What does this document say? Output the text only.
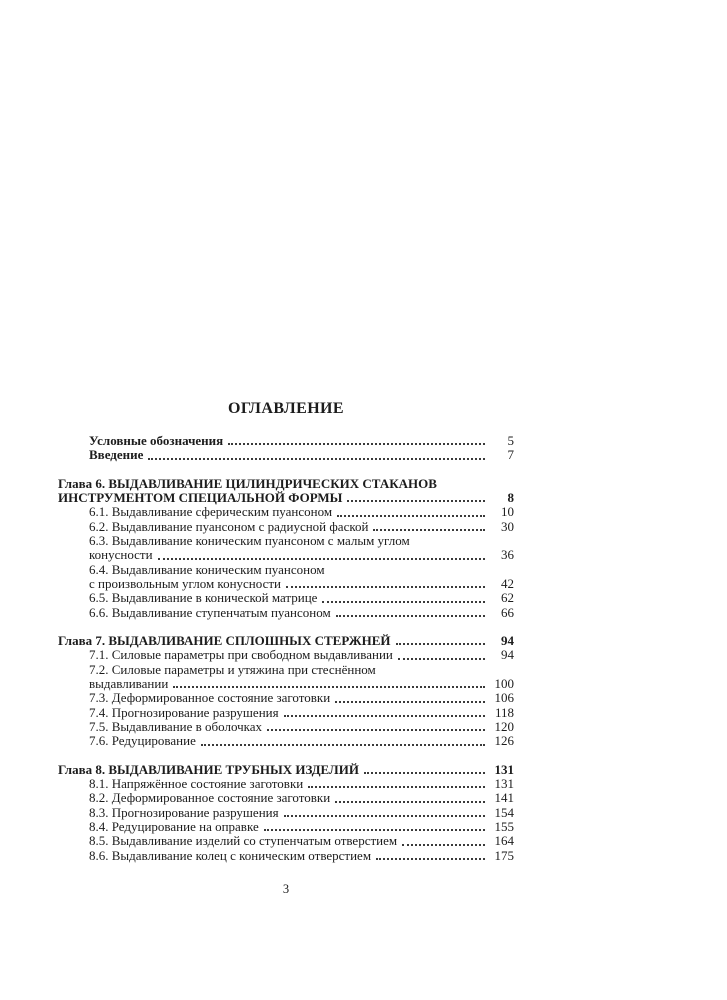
ОГЛАВЛЕНИЕ
Условные обозначения	5
Введение	7
Глава 6. ВЫДАВЛИВАНИЕ ЦИЛИНДРИЧЕСКИХ СТАКАНОВ
ИНСТРУМЕНТОМ СПЕЦИАЛЬНОЙ ФОРМЫ	8
6.1. Выдавливание сферическим пуансоном	10
6.2. Выдавливание пуансоном с радиусной фаской	30
6.3. Выдавливание коническим пуансоном с малым углом
конусности	36
6.4. Выдавливание коническим пуансоном
с произвольным углом конусности	42
6.5. Выдавливание в конической матрице	62
6.6. Выдавливание ступенчатым пуансоном	66
Глава 7. ВЫДАВЛИВАНИЕ СПЛОШНЫХ СТЕРЖНЕЙ	94
7.1. Силовые параметры при свободном выдавливании	94
7.2. Силовые параметры и утяжина при стеснённом
выдавливании	100
7.3. Деформированное состояние заготовки	106
7.4. Прогнозирование разрушения	118
7.5. Выдавливание в оболочках	120
7.6. Редуцирование	126
Глава 8. ВЫДАВЛИВАНИЕ ТРУБНЫХ ИЗДЕЛИЙ	131
8.1. Напряжённое состояние заготовки	131
8.2. Деформированное состояние заготовки	141
8.3. Прогнозирование разрушения	154
8.4. Редуцирование на оправке	155
8.5. Выдавливание изделий со ступенчатым отверстием	164
8.6. Выдавливание колец с коническим отверстием	175
3
